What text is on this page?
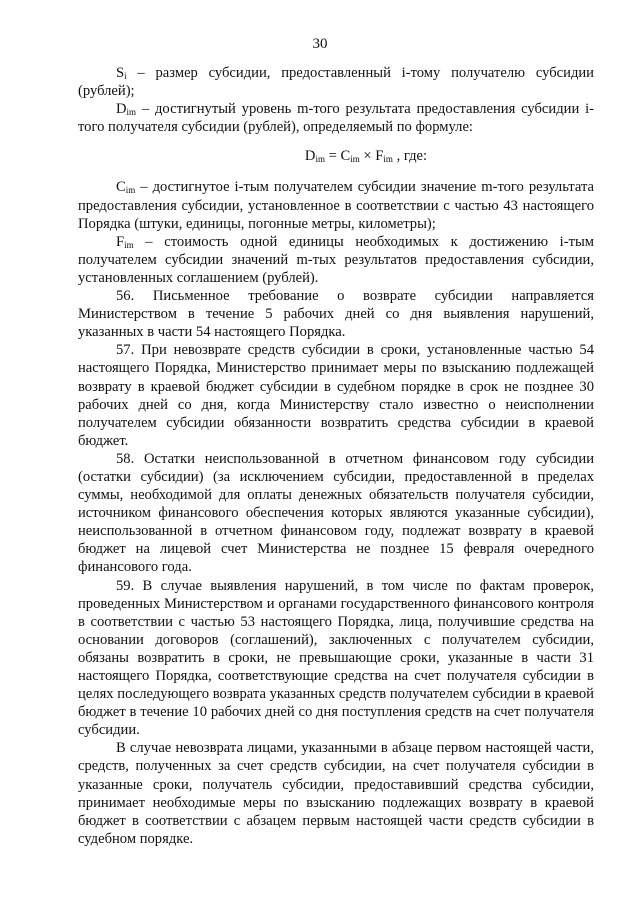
30

$S_i$ – размер субсидии, предоставленный i-тому получателю субсидии (рублей);

$D_{im}$ – достигнутый уровень m-того результата предоставления субсидии i-того получателя субсидии (рублей), определяемый по формуле:

$D_{im} = C_{im} \times F_{im}$ , где:

$C_{im}$ – достигнутое i-тым получателем субсидии значение m-того результата предоставления субсидии, установленное в соответствии с частью 43 настоящего Порядка (штуки, единицы, погонные метры, километры);

$F_{im}$ – стоимость одной единицы необходимых к достижению i-тым получателем субсидии значений m-тых результатов предоставления субсидии, установленных соглашением (рублей).

56. Письменное требование о возврате субсидии направляется Министерством в течение 5 рабочих дней со дня выявления нарушений, указанных в части 54 настоящего Порядка.

57. При невозврате средств субсидии в сроки, установленные частью 54 настоящего Порядка, Министерство принимает меры по взысканию подлежащей возврату в краевой бюджет субсидии в судебном порядке в срок не позднее 30 рабочих дней со дня, когда Министерству стало известно о неисполнении получателем субсидии обязанности возвратить средства субсидии в краевой бюджет.

58. Остатки неиспользованной в отчетном финансовом году субсидии (остатки субсидии) (за исключением субсидии, предоставленной в пределах суммы, необходимой для оплаты денежных обязательств получателя субсидии, источником финансового обеспечения которых являются указанные субсидии), неиспользованной в отчетном финансовом году, подлежат возврату в краевой бюджет на лицевой счет Министерства не позднее 15 февраля очередного финансового года.

59. В случае выявления нарушений, в том числе по фактам проверок, проведенных Министерством и органами государственного финансового контроля в соответствии с частью 53 настоящего Порядка, лица, получившие средства на основании договоров (соглашений), заключенных с получателем субсидии, обязаны возвратить в сроки, не превышающие сроки, указанные в части 31 настоящего Порядка, соответствующие средства на счет получателя субсидии в целях последующего возврата указанных средств получателем субсидии в краевой бюджет в течение 10 рабочих дней со дня поступления средств на счет получателя субсидии.

В случае невозврата лицами, указанными в абзаце первом настоящей части, средств, полученных за счет средств субсидии, на счет получателя субсидии в указанные сроки, получатель субсидии, предоставивший средства субсидии, принимает необходимые меры по взысканию подлежащих возврату в краевой бюджет в соответствии с абзацем первым настоящей части средств субсидии в судебном порядке.
